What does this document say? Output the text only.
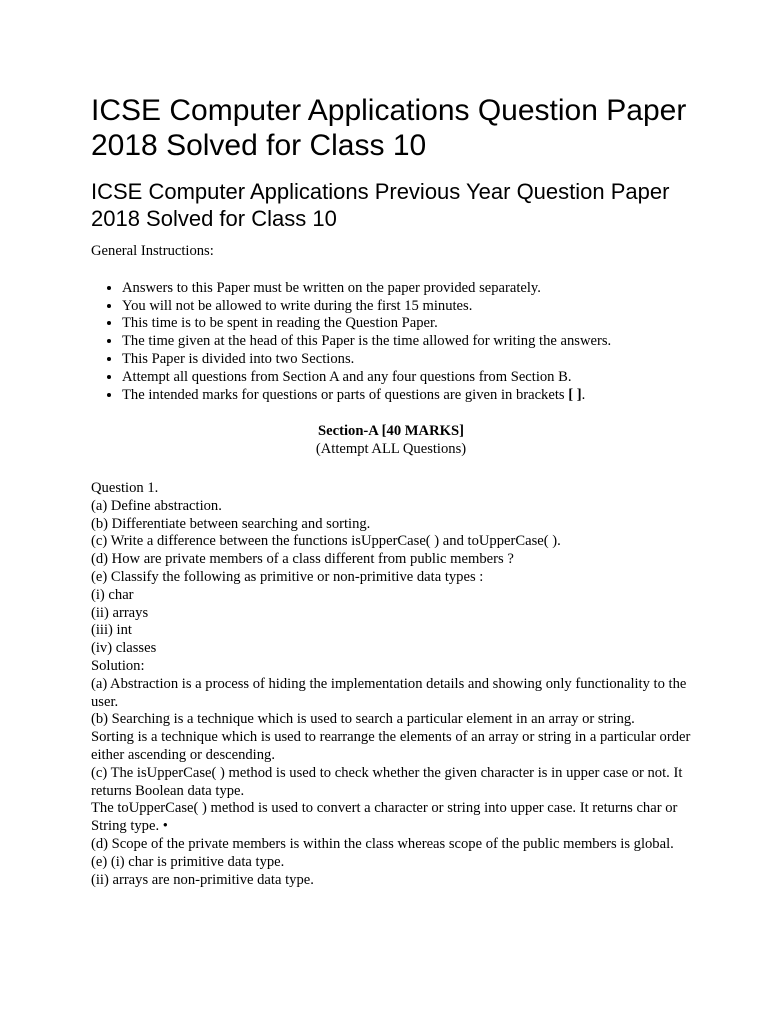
ICSE Computer Applications Question Paper 2018 Solved for Class 10
ICSE Computer Applications Previous Year Question Paper 2018 Solved for Class 10

General Instructions:

• Answers to this Paper must be written on the paper provided separately.
• You will not be allowed to write during the first 15 minutes.
• This time is to be spent in reading the Question Paper.
• The time given at the head of this Paper is the time allowed for writing the answers.
• This Paper is divided into two Sections.
• Attempt all questions from Section A and any four questions from Section B.
• The intended marks for questions or parts of questions are given in brackets [ ].
Section-A [40 MARKS]
(Attempt ALL Questions)
Question 1.
(a) Define abstraction.
(b) Differentiate between searching and sorting.
(c) Write a difference between the functions isUpperCase( ) and toUpperCase( ).
(d) How are private members of a class different from public members ?
(e) Classify the following as primitive or non-primitive data types :
(i) char
(ii) arrays
(iii) int
(iv) classes
Solution:
(a) Abstraction is a process of hiding the implementation details and showing only functionality to the user.
(b) Searching is a technique which is used to search a particular element in an array or string.
Sorting is a technique which is used to rearrange the elements of an array or string in a particular order either ascending or descending.
(c) The isUpperCase( ) method is used to check whether the given character is in upper case or not. It returns Boolean data type.
The toUpperCase( ) method is used to convert a character or string into upper case. It returns char or String type. •
(d) Scope of the private members is within the class whereas scope of the public members is global.
(e) (i) char is primitive data type.
(ii) arrays are non-primitive data type.
